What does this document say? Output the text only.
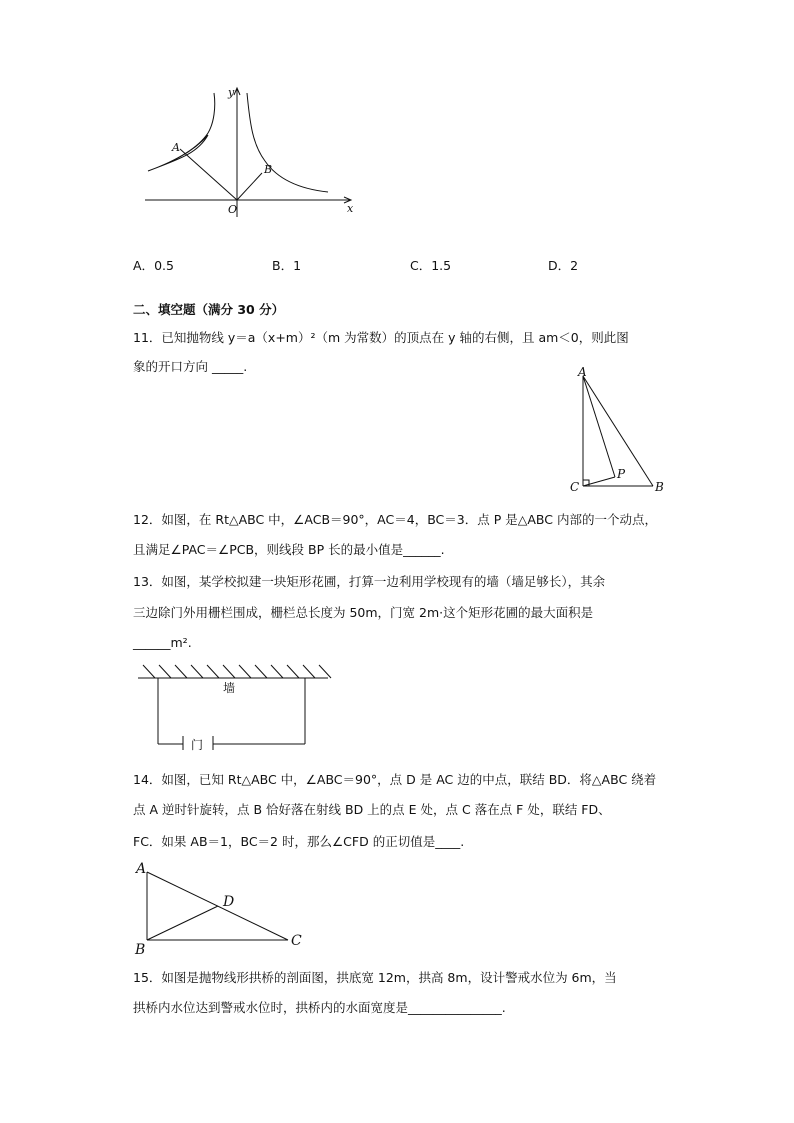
y
x
O
A
B
A．0.5	B．1	C．1.5	D．2
二、填空题（满分 30 分）
11．已知抛物线 y＝a（x+m）²（m 为常数）的顶点在 y 轴的右侧，且 am＜0，则此图
象的开口方向 _____.	A
C	B
P
12．如图，在 Rt△ABC 中，∠ACB＝90°，AC＝4，BC＝3．点 P 是△ABC 内部的一个动点，
且满足∠PAC＝∠PCB，则线段 BP 长的最小值是______.
13．如图，某学校拟建一块矩形花圃，打算一边利用学校现有的墙（墙足够长），其余
三边除门外用栅栏围成，栅栏总长度为 50m，门宽 2m·这个矩形花圃的最大面积是
______m².
墙
门
14．如图，已知 Rt△ABC 中，∠ABC＝90°，点 D 是 AC 边的中点，联结 BD．将△ABC 绕着
点 A 逆时针旋转，点 B 恰好落在射线 BD 上的点 E 处，点 C 落在点 F 处，联结 FD、
FC．如果 AB＝1，BC＝2 时，那么∠CFD 的正切值是____.
A
B
C
D
15．如图是抛物线形拱桥的剖面图，拱底宽 12m，拱高 8m，设计警戒水位为 6m，当
拱桥内水位达到警戒水位时，拱桥内的水面宽度是_______________.
